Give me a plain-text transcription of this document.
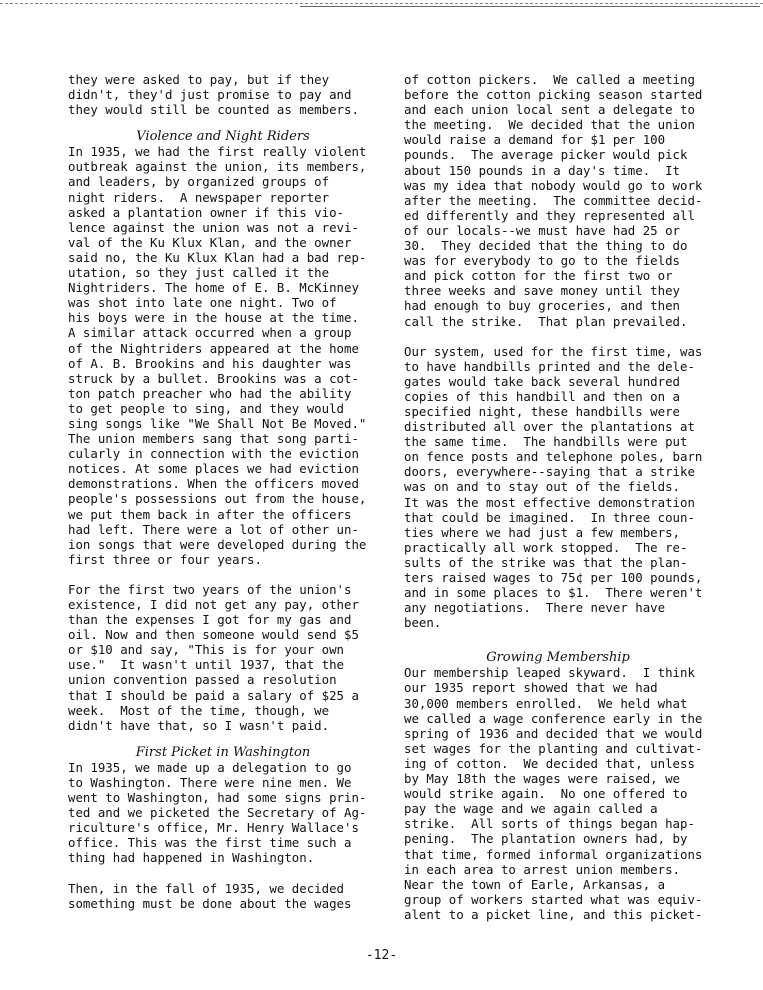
they were asked to pay, but if they

didn't, they'd just promise to pay and

they would still be counted as members.

Violence and Night Riders

In 1935, we had the first really violent

outbreak against the union, its members,

and leaders, by organized groups of

night riders.  A newspaper reporter

asked a plantation owner if this vio-

lence against the union was not a revi-

val of the Ku Klux Klan, and the owner

said no, the Ku Klux Klan had a bad rep-

utation, so they just called it the

Nightriders. The home of E. B. McKinney

was shot into late one night. Two of

his boys were in the house at the time.

A similar attack occurred when a group

of the Nightriders appeared at the home

of A. B. Brookins and his daughter was

struck by a bullet. Brookins was a cot-

ton patch preacher who had the ability

to get people to sing, and they would

sing songs like "We Shall Not Be Moved."

The union members sang that song parti-

cularly in connection with the eviction

notices. At some places we had eviction

demonstrations. When the officers moved

people's possessions out from the house,

we put them back in after the officers

had left. There were a lot of other un-

ion songs that were developed during the

first three or four years.

For the first two years of the union's

existence, I did not get any pay, other

than the expenses I got for my gas and

oil. Now and then someone would send $5

or $10 and say, "This is for your own

use."  It wasn't until 1937, that the

union convention passed a resolution

that I should be paid a salary of $25 a

week.  Most of the time, though, we

didn't have that, so I wasn't paid.

First Picket in Washington

In 1935, we made up a delegation to go

to Washington. There were nine men. We

went to Washington, had some signs prin-

ted and we picketed the Secretary of Ag-

riculture's office, Mr. Henry Wallace's

office. This was the first time such a

thing had happened in Washington.

Then, in the fall of 1935, we decided

something must be done about the wages

of cotton pickers.  We called a meeting

before the cotton picking season started

and each union local sent a delegate to

the meeting.  We decided that the union

would raise a demand for $1 per 100

pounds.  The average picker would pick

about 150 pounds in a day's time.  It

was my idea that nobody would go to work

after the meeting.  The committee decid-

ed differently and they represented all

of our locals--we must have had 25 or

30.  They decided that the thing to do

was for everybody to go to the fields

and pick cotton for the first two or

three weeks and save money until they

had enough to buy groceries, and then

call the strike.  That plan prevailed.

Our system, used for the first time, was

to have handbills printed and the dele-

gates would take back several hundred

copies of this handbill and then on a

specified night, these handbills were

distributed all over the plantations at

the same time.  The handbills were put

on fence posts and telephone poles, barn

doors, everywhere--saying that a strike

was on and to stay out of the fields.

It was the most effective demonstration

that could be imagined.  In three coun-

ties where we had just a few members,

practically all work stopped.  The re-

sults of the strike was that the plan-

ters raised wages to 75¢ per 100 pounds,

and in some places to $1.  There weren't

any negotiations.  There never have

been.

Growing Membership

Our membership leaped skyward.  I think

our 1935 report showed that we had

30,000 members enrolled.  We held what

we called a wage conference early in the

spring of 1936 and decided that we would

set wages for the planting and cultivat-

ing of cotton.  We decided that, unless

by May 18th the wages were raised, we

would strike again.  No one offered to

pay the wage and we again called a

strike.  All sorts of things began hap-

pening.  The plantation owners had, by

that time, formed informal organizations

in each area to arrest union members.

Near the town of Earle, Arkansas, a

group of workers started what was equiv-

alent to a picket line, and this picket-

-12-
